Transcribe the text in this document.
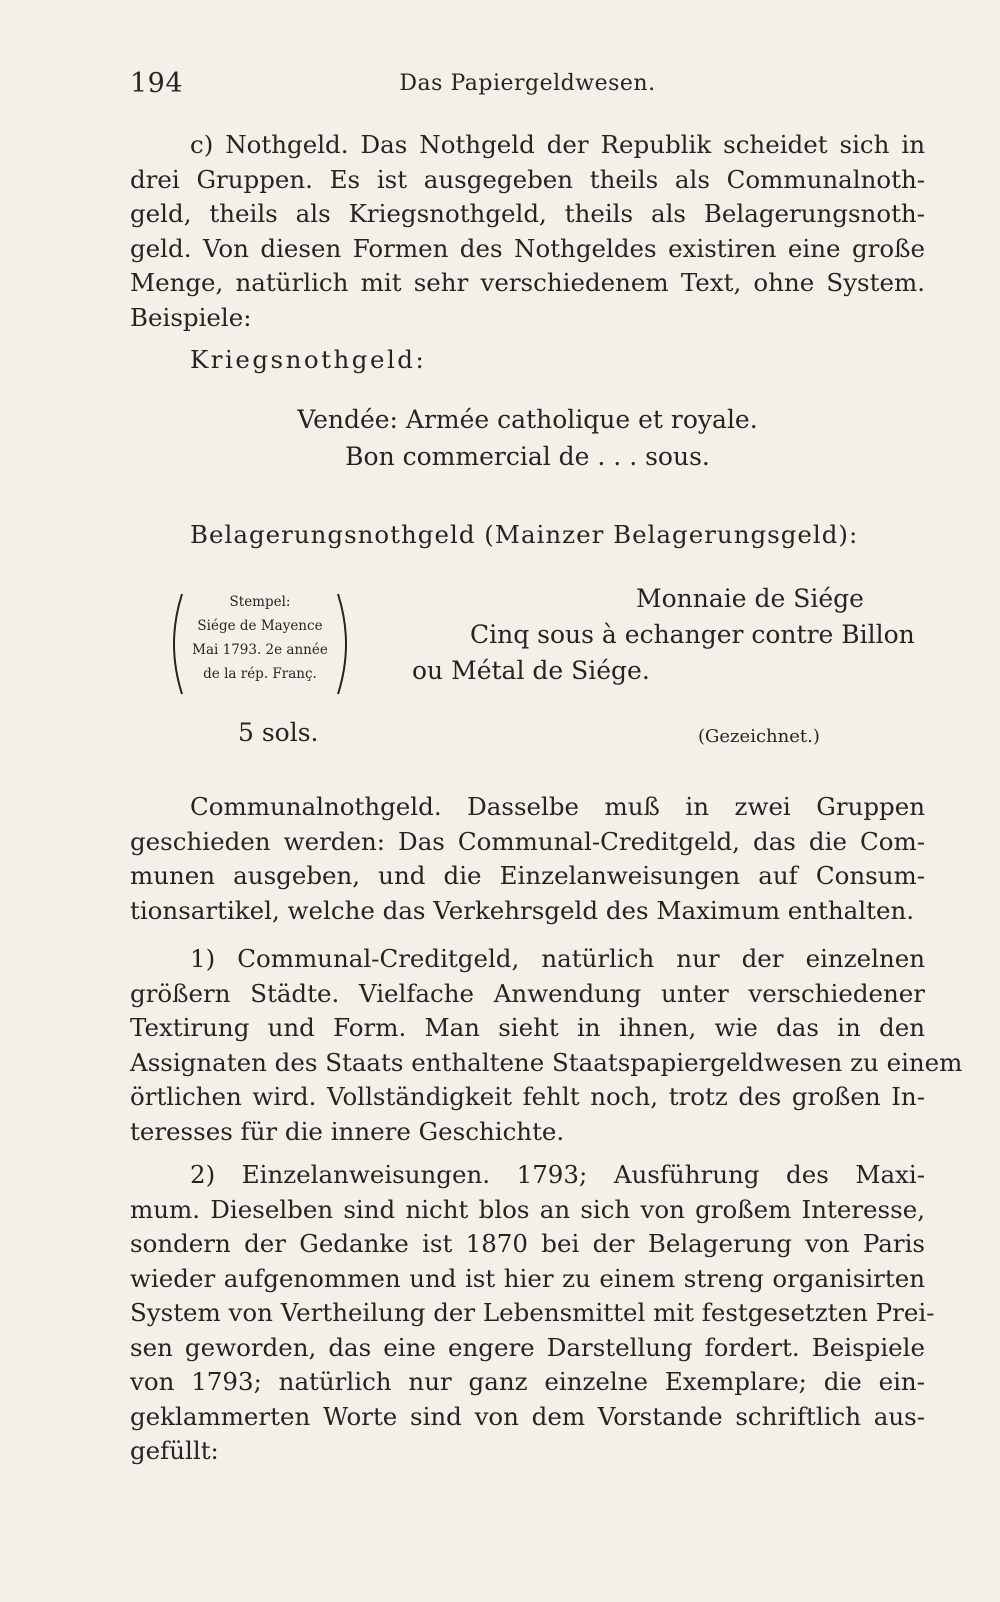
194	Das Papiergeldwesen.
c) Nothgeld. Das Nothgeld der Republik scheidet sich in
drei Gruppen. Es ist ausgegeben theils als Communalnoth-
geld, theils als Kriegsnothgeld, theils als Belagerungsnoth-
geld. Von diesen Formen des Nothgeldes existiren eine große
Menge, natürlich mit sehr verschiedenem Text, ohne System.
Beispiele:
Kriegsnothgeld:
Vendée: Armée catholique et royale.
Bon commercial de . . . sous.
Belagerungsnothgeld (Mainzer Belagerungsgeld):
Stempel:
Siége de Mayence
Mai 1793. 2e année
de la rép. Franç.
Monnaie de Siége
Cinq sous à echanger contre Billon
ou Métal de Siége.
5 sols.	(Gezeichnet.)
Communalnothgeld. Dasselbe muß in zwei Gruppen
geschieden werden: Das Communal-Creditgeld, das die Com-
munen ausgeben, und die Einzelanweisungen auf Consum-
tionsartikel, welche das Verkehrsgeld des Maximum enthalten.
1) Communal-Creditgeld, natürlich nur der einzelnen
größern Städte. Vielfache Anwendung unter verschiedener
Textirung und Form. Man sieht in ihnen, wie das in den
Assignaten des Staats enthaltene Staatspapiergeldwesen zu einem
örtlichen wird. Vollständigkeit fehlt noch, trotz des großen In-
teresses für die innere Geschichte.
2) Einzelanweisungen. 1793; Ausführung des Maxi-
mum. Dieselben sind nicht blos an sich von großem Interesse,
sondern der Gedanke ist 1870 bei der Belagerung von Paris
wieder aufgenommen und ist hier zu einem streng organisirten
System von Vertheilung der Lebensmittel mit festgesetzten Prei-
sen geworden, das eine engere Darstellung fordert. Beispiele
von 1793; natürlich nur ganz einzelne Exemplare; die ein-
geklammerten Worte sind von dem Vorstande schriftlich aus-
gefüllt:
